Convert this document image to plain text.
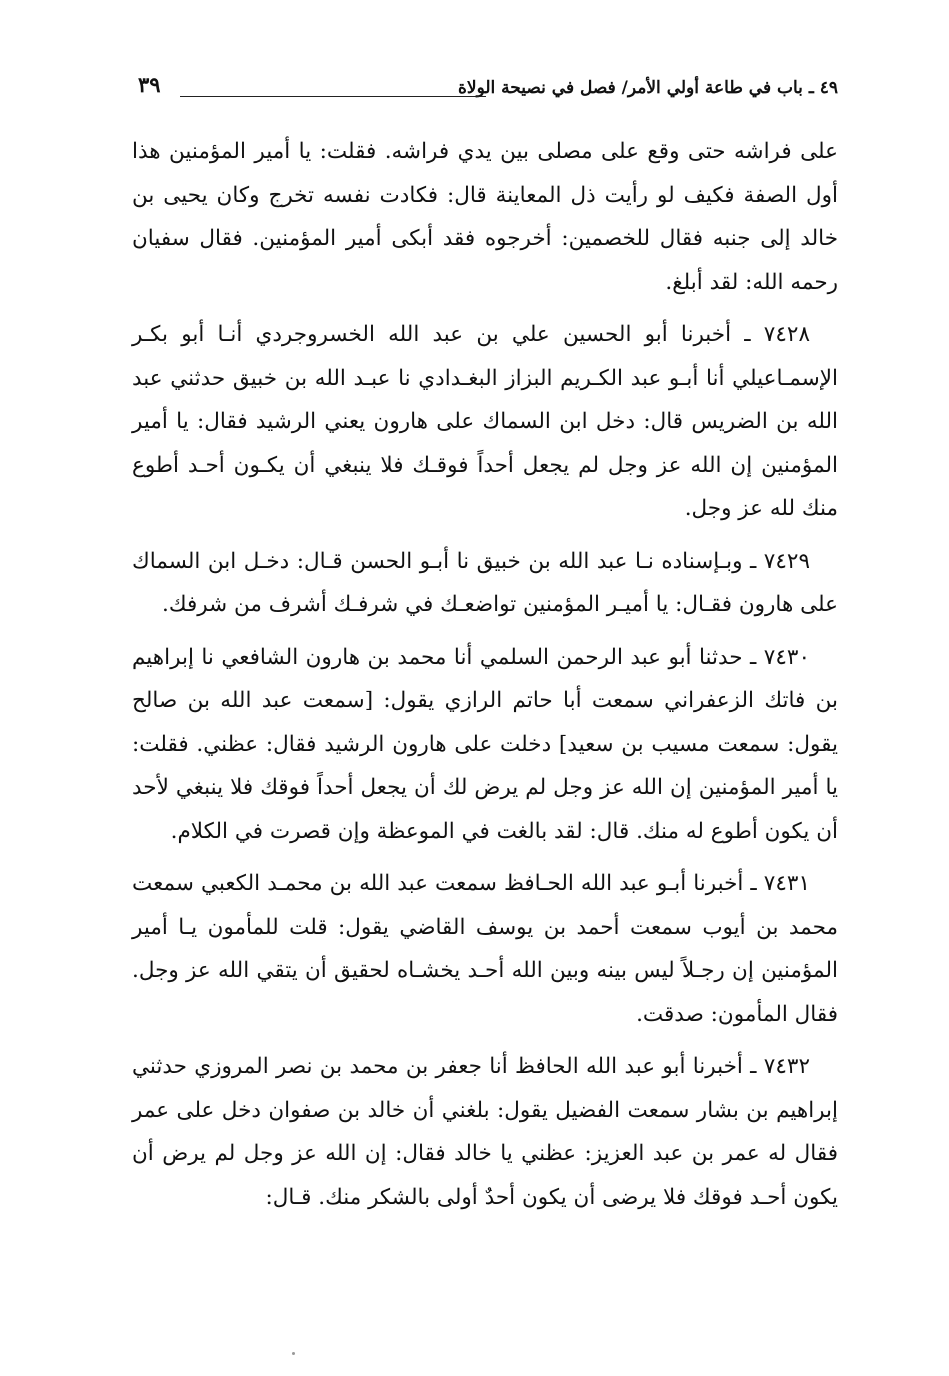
٤٩ ـ باب في طاعة أولي الأمر/ فصل في نصيحة الولاة
٣٩

على فراشه حتى وقع على مصلى بين يدي فراشه. فقلت: يا أمير المؤمنين هذا أول الصفة فكيف لو رأيت ذل المعاينة قال: فكادت نفسه تخرج وكان يحيى بن خالد إلى جنبه فقال للخصمين: أخرجوه فقد أبكى أمير المؤمنين. فقال سفيان رحمه الله: لقد أبلغ.

٧٤٢٨ ـ أخبرنا أبو الحسين علي بن عبد الله الخسروجردي أنـا أبو بكـر الإسمـاعيلي أنا أبـو عبد الكـريم البزاز البغـدادي نا عبـد الله بن خبيق حدثني عبد الله بن الضريس قال: دخل ابن السماك على هارون يعني الرشيد فقال: يا أمير المؤمنين إن الله عز وجل لم يجعل أحداً فوقـك فلا ينبغي أن يكـون أحـد أطوع منك لله عز وجل.

٧٤٢٩ ـ وبـإسناده نـا عبد الله بن خبيق نا أبـو الحسن قـال: دخـل ابن السماك على هارون فقـال: يا أميـر المؤمنين تواضعـك في شرفـك أشرف من شرفك.

٧٤٣٠ ـ حدثنا أبو عبد الرحمن السلمي أنا محمد بن هارون الشافعي نا إبراهيم بن فاتك الزعفراني سمعت أبا حاتم الرازي يقول: [سمعت عبد الله بن صالح يقول: سمعت مسيب بن سعيد] دخلت على هارون الرشيد فقال: عظني. فقلت: يا أمير المؤمنين إن الله عز وجل لم يرض لك أن يجعل أحداً فوقك فلا ينبغي لأحد أن يكون أطوع له منك. قال: لقد بالغت في الموعظة وإن قصرت في الكلام.

٧٤٣١ ـ أخبرنا أبـو عبد الله الحـافظ سمعت عبد الله بن محمـد الكعبي سمعت محمد بن أيوب سمعت أحمد بن يوسف القاضي يقول: قلت للمأمون يـا أمير المؤمنين إن رجـلاً ليس بينه وبين الله أحـد يخشـاه لحقيق أن يتقي الله عز وجل. فقال المأمون: صدقت.

٧٤٣٢ ـ أخبرنا أبو عبد الله الحافظ أنا جعفر بن محمد بن نصر المروزي حدثني إبراهيم بن بشار سمعت الفضيل يقول: بلغني أن خالد بن صفوان دخل على عمر فقال له عمر بن عبد العزيز: عظني يا خالد فقال: إن الله عز وجل لم يرض أن يكون أحـد فوقك فلا يرضى أن يكون أحدٌ أولى بالشكر منك. قـال:
